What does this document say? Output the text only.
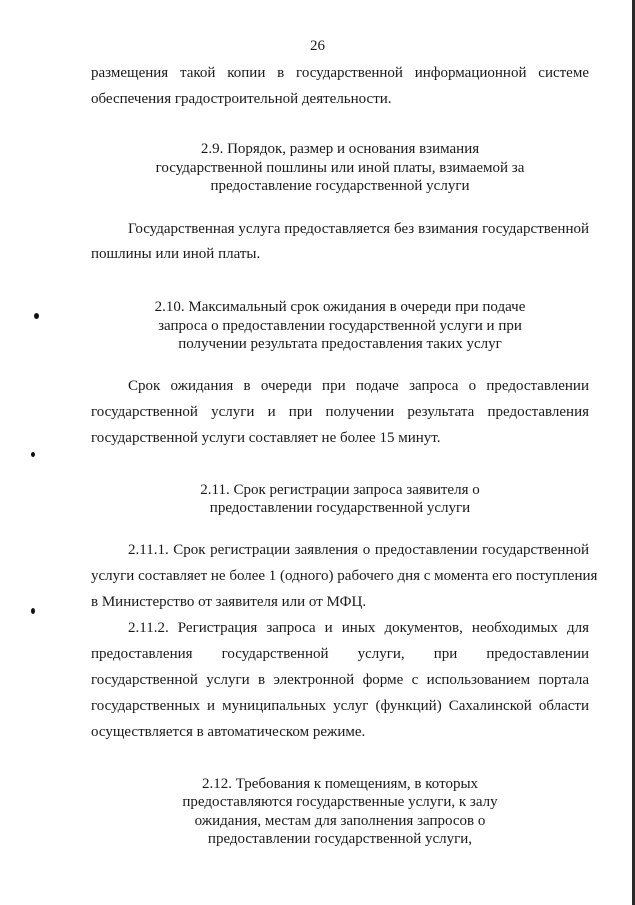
26
размещения такой копии в государственной информационной системе
обеспечения градостроительной деятельности.
2.9. Порядок, размер и основания взимания
государственной пошлины или иной платы, взимаемой за
предоставление государственной услуги
Государственная услуга предоставляется без взимания государственной
пошлины или иной платы.
2.10. Максимальный срок ожидания в очереди при подаче
запроса о предоставлении государственной услуги и при
получении результата предоставления таких услуг
Срок ожидания в очереди при подаче запроса о предоставлении
государственной услуги и при получении результата предоставления
государственной услуги составляет не более 15 минут.
2.11. Срок регистрации запроса заявителя о
предоставлении государственной услуги
2.11.1. Срок регистрации заявления о предоставлении государственной
услуги составляет не более 1 (одного) рабочего дня с момента его поступления
в Министерство от заявителя или от МФЦ.
2.11.2. Регистрация запроса и иных документов, необходимых для
предоставления государственной услуги, при предоставлении
государственной услуги в электронной форме с использованием портала
государственных и муниципальных услуг (функций) Сахалинской области
осуществляется в автоматическом режиме.
2.12. Требования к помещениям, в которых
предоставляются государственные услуги, к залу
ожидания, местам для заполнения запросов о
предоставлении государственной услуги,
